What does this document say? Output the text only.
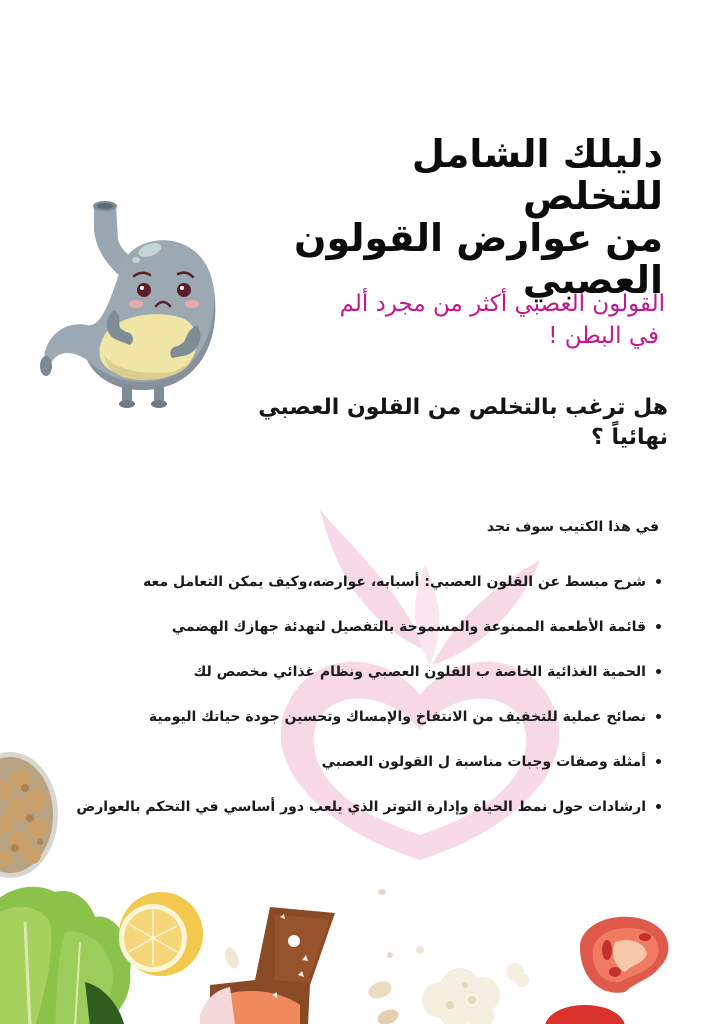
دليلك الشامل للتخلص
من عوارض القولون
العصبي
القولون العصبي أكثر من مجرد ألم
في البطن !
هل ترغب بالتخلص من القلون العصبي
نهائياً ؟
في هذا الكتيب سوف تجد
شرح مبسط عن القلون العصبي: أسبابه، عوارضه،وكيف يمكن التعامل معه
قائمة الأطعمة الممنوعة والمسموحة بالتفصيل لتهدئة جهازك الهضمي
الحمية الغذائية الخاصة ب القلون العصبي ونظام غذائي مخصص لك
نصائح عملية للتخفيف من الانتفاخ والإمساك وتحسين جودة حياتك اليومية
أمثلة وصفات وجبات مناسبة ل القولون العصبي
ارشادات حول نمط الحياة وإدارة التوتر الذي يلعب دور أساسي في التحكم بالعوارض
